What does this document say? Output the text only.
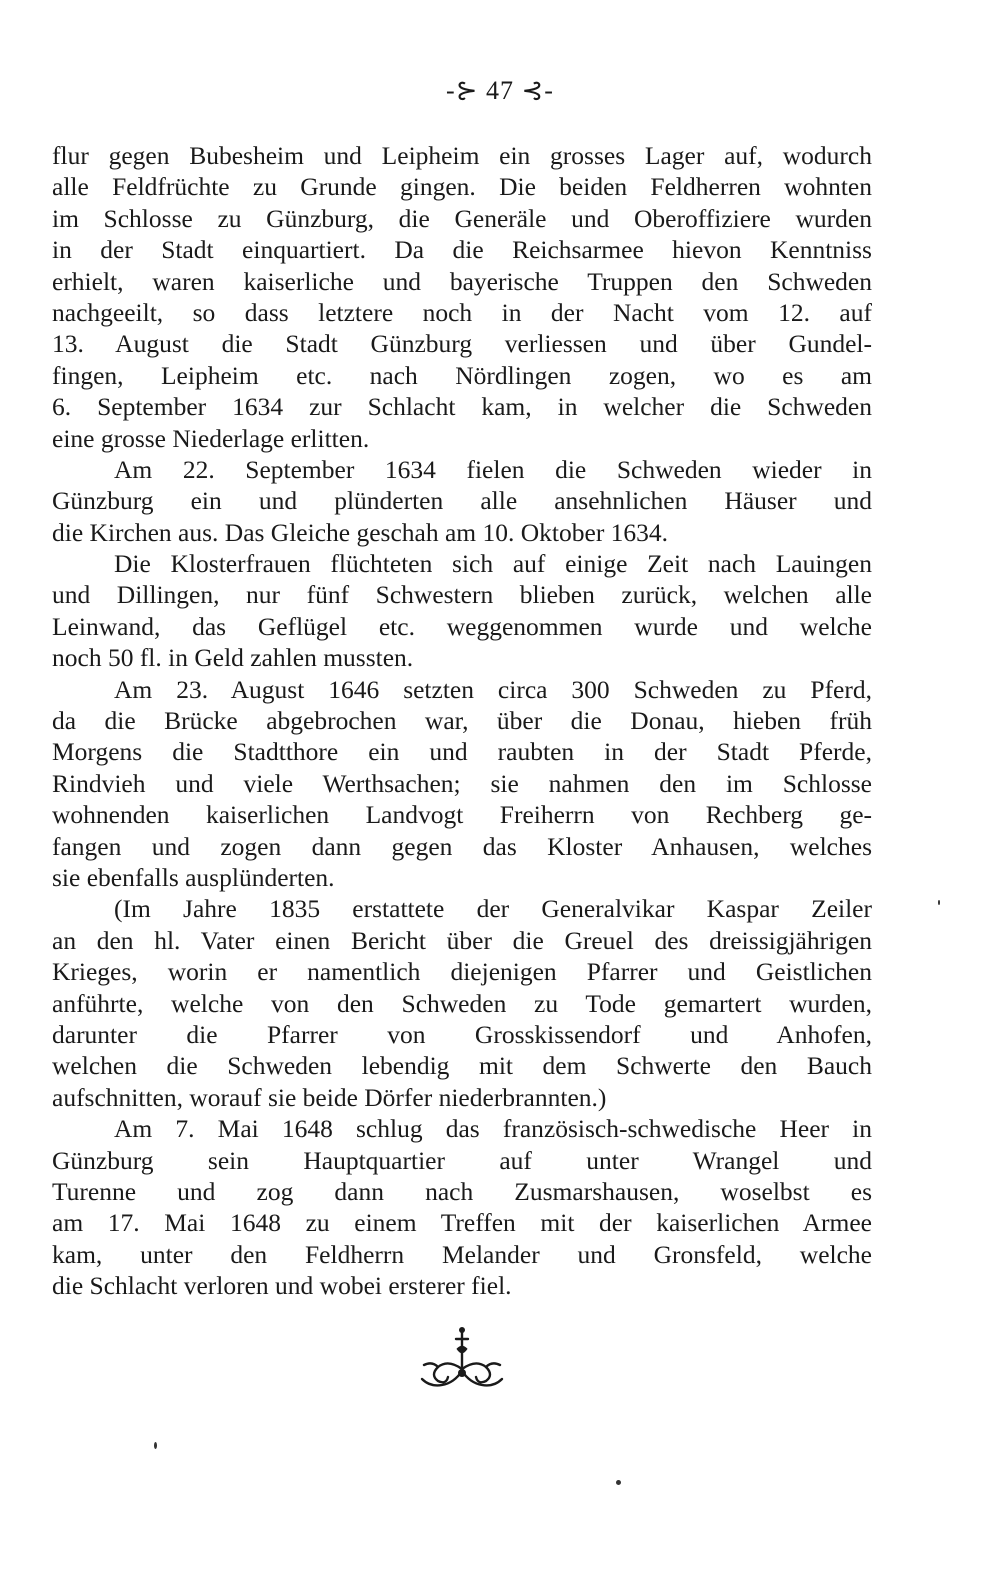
-⊱ 47 ⊰-
flur gegen Bubesheim und Leipheim ein grosses Lager auf, wodurch
alle Feldfrüchte zu Grunde gingen. Die beiden Feldherren wohnten
im Schlosse zu Günzburg, die Generäle und Oberoffiziere wurden
in der Stadt einquartiert. Da die Reichsarmee hievon Kenntniss
erhielt, waren kaiserliche und bayerische Truppen den Schweden
nachgeeilt, so dass letztere noch in der Nacht vom 12. auf
13. August die Stadt Günzburg verliessen und über Gundel-
fingen, Leipheim etc. nach Nördlingen zogen, wo es am
6. September 1634 zur Schlacht kam, in welcher die Schweden
eine grosse Niederlage erlitten.
Am 22. September 1634 fielen die Schweden wieder in
Günzburg ein und plünderten alle ansehnlichen Häuser und
die Kirchen aus. Das Gleiche geschah am 10. Oktober 1634.
Die Klosterfrauen flüchteten sich auf einige Zeit nach Lauingen
und Dillingen, nur fünf Schwestern blieben zurück, welchen alle
Leinwand, das Geflügel etc. weggenommen wurde und welche
noch 50 fl. in Geld zahlen mussten.
Am 23. August 1646 setzten circa 300 Schweden zu Pferd,
da die Brücke abgebrochen war, über die Donau, hieben früh
Morgens die Stadtthore ein und raubten in der Stadt Pferde,
Rindvieh und viele Werthsachen; sie nahmen den im Schlosse
wohnenden kaiserlichen Landvogt Freiherrn von Rechberg ge-
fangen und zogen dann gegen das Kloster Anhausen, welches
sie ebenfalls ausplünderten.
(Im Jahre 1835 erstattete der Generalvikar Kaspar Zeiler
an den hl. Vater einen Bericht über die Greuel des dreissigjährigen
Krieges, worin er namentlich diejenigen Pfarrer und Geistlichen
anführte, welche von den Schweden zu Tode gemartert wurden,
darunter die Pfarrer von Grosskissendorf und Anhofen,
welchen die Schweden lebendig mit dem Schwerte den Bauch
aufschnitten, worauf sie beide Dörfer niederbrannten.)
Am 7. Mai 1648 schlug das französisch-schwedische Heer in
Günzburg sein Hauptquartier auf unter Wrangel und
Turenne und zog dann nach Zusmarshausen, woselbst es
am 17. Mai 1648 zu einem Treffen mit der kaiserlichen Armee
kam, unter den Feldherrn Melander und Gronsfeld, welche
die Schlacht verloren und wobei ersterer fiel.
